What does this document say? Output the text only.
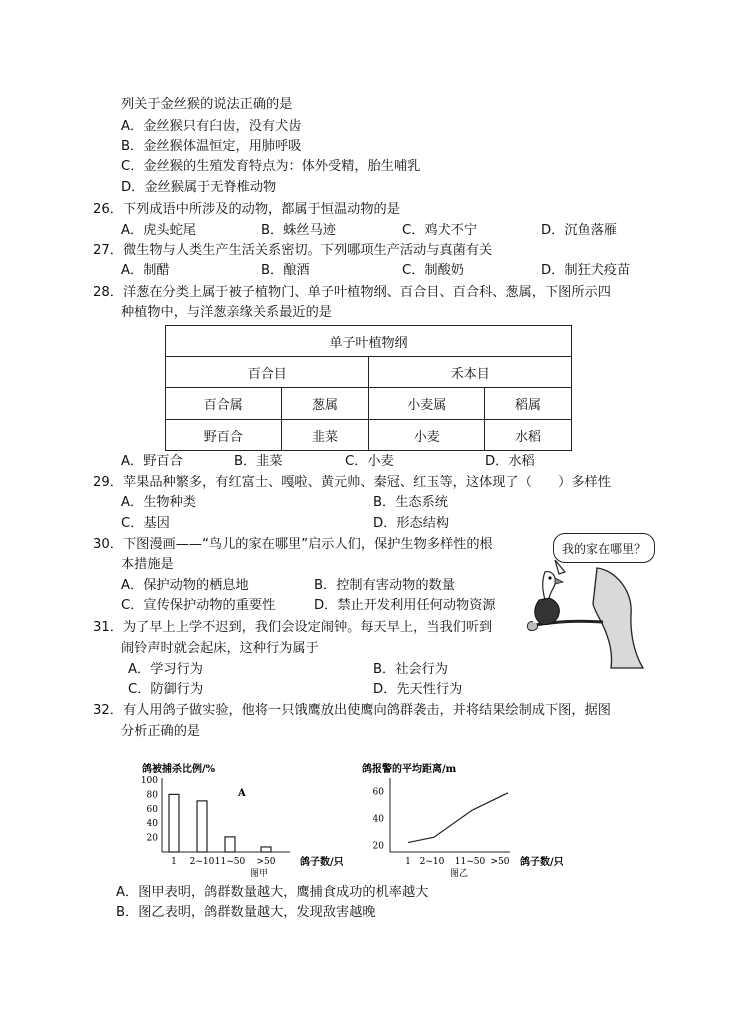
列关于金丝猴的说法正确的是
A．金丝猴只有臼齿，没有犬齿
B．金丝猴体温恒定，用肺呼吸
C．金丝猴的生殖发育特点为：体外受精，胎生哺乳
D．金丝猴属于无脊椎动物
26．下列成语中所涉及的动物，都属于恒温动物的是
A．虎头蛇尾	B．蛛丝马迹	C．鸡犬不宁	D．沉鱼落雁
27．微生物与人类生产生活关系密切。下列哪项生产活动与真菌有关
A．制醋	B．酿酒	C．制酸奶	D．制狂犬疫苗
28．洋葱在分类上属于被子植物门、单子叶植物纲、百合目、百合科、葱属，下图所示四
种植物中，与洋葱亲缘关系最近的是
单子叶植物纲			
百合目		禾本目	
百合属	葱属	小麦属	稻属
野百合	韭菜	小麦	水稻
A．野百合	B．韭菜	C．小麦	D．水稻
29．苹果品种繁多，有红富士、嘎啦、黄元帅、秦冠、红玉等，这体现了（　　）多样性
A．生物种类	B．生态系统
C．基因	D．形态结构
30．下图漫画——“鸟儿的家在哪里”启示人们，保护生物多样性的根
本措施是
A．保护动物的栖息地	B．控制有害动物的数量
C．宣传保护动物的重要性	D．禁止开发利用任何动物资源
我的家在哪里？
31．为了早上上学不迟到，我们会设定闹钟。每天早上，当我们听到
闹铃声时就会起床，这种行为属于
A．学习行为	B．社会行为
C．防御行为	D．先天性行为
32．有人用鸽子做实验，他将一只饿鹰放出使鹰向鸽群袭击，并将结果绘制成下图，据图
分析正确的是
鸽被捕杀比例/%
A
100
80
60
40
20
1 2~10 11~50 >50 鸽子数/只
图甲
鸽报警的平均距离/m
60
40
20
1 2~10 11~50 >50 鸽子数/只
图乙
A．图甲表明，鸽群数量越大，鹰捕食成功的机率越大
B．图乙表明，鸽群数量越大，发现敌害越晚
